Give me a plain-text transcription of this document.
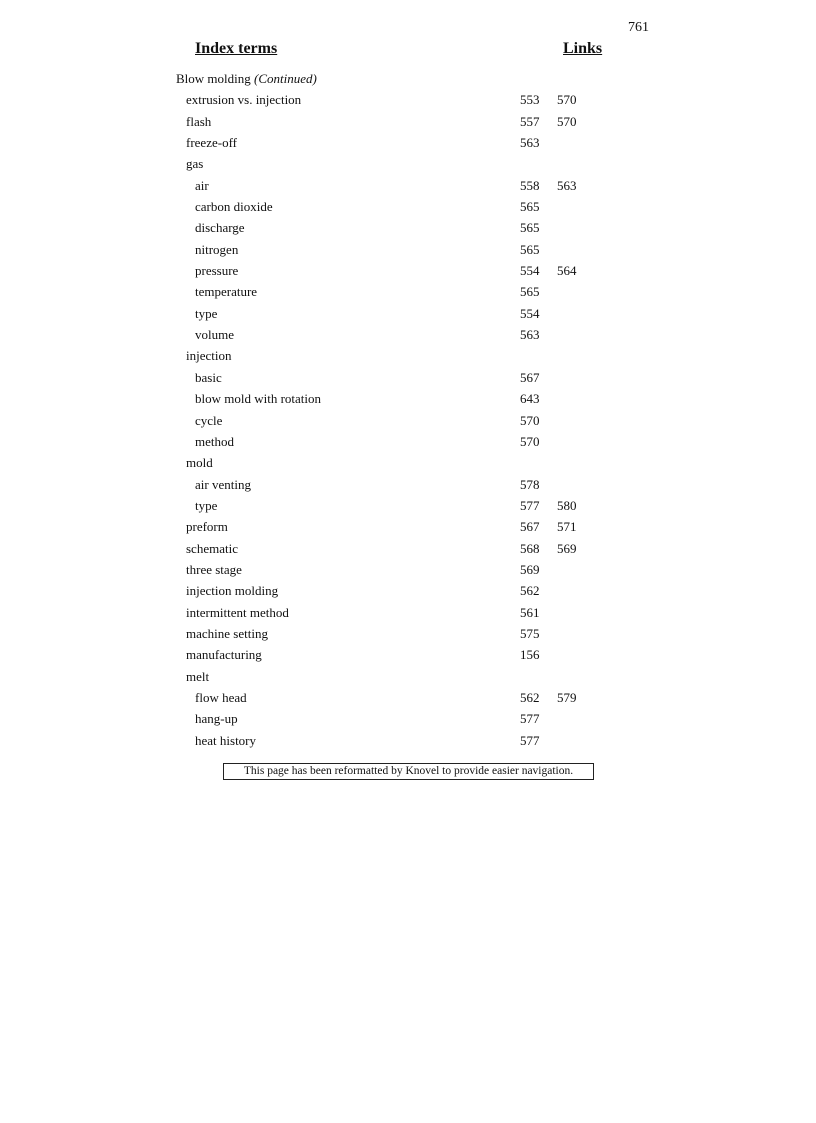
761
Index terms	Links
Blow molding (Continued)
extrusion vs. injection	553 570
flash	557 570
freeze-off	563
gas
air	558 563
carbon dioxide	565
discharge	565
nitrogen	565
pressure	554 564
temperature	565
type	554
volume	563
injection
basic	567
blow mold with rotation	643
cycle	570
method	570
mold
air venting	578
type	577 580
preform	567 571
schematic	568 569
three stage	569
injection molding	562
intermittent method	561
machine setting	575
manufacturing	156
melt
flow head	562 579
hang-up	577
heat history	577
This page has been reformatted by Knovel to provide easier navigation.
